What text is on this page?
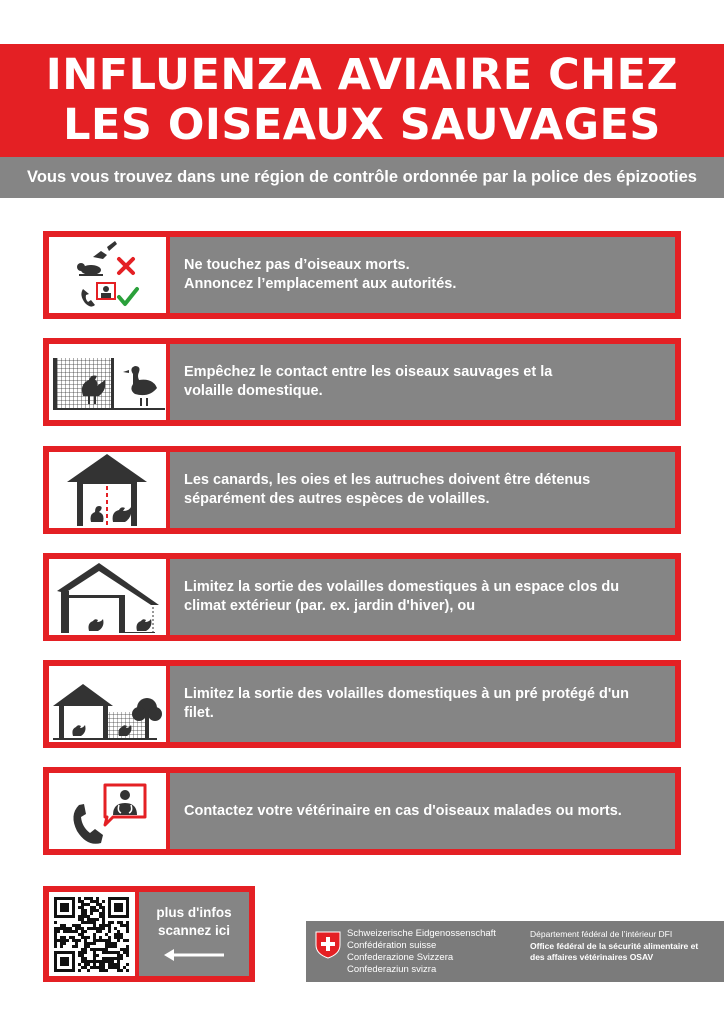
INFLUENZA AVIAIRE CHEZ
LES OISEAUX SAUVAGES
Vous vous trouvez dans une région de contrôle ordonnée par la police des épizooties
Ne touchez pas d’oiseaux morts.
Annoncez l’emplacement aux autorités.
Empêchez le contact entre les oiseaux sauvages et la
volaille domestique.
Les canards, les oies et les autruches doivent être détenus
séparément des autres espèces de volailles.
Limitez la sortie des volailles domestiques à un espace clos du
climat extérieur (par. ex. jardin d'hiver), ou
Limitez la sortie des volailles domestiques à un pré protégé d'un
filet.
Contactez votre vétérinaire en cas d'oiseaux malades ou morts.
plus d'infos
scannez ici	Schweizerische Eidgenossenschaft
Confédération suisse
Confederazione Svizzera
Confederaziun svizra
Département fédéral de l’intérieur DFI
Office fédéral de la sécurité alimentaire et
des affaires vétérinaires OSAV
